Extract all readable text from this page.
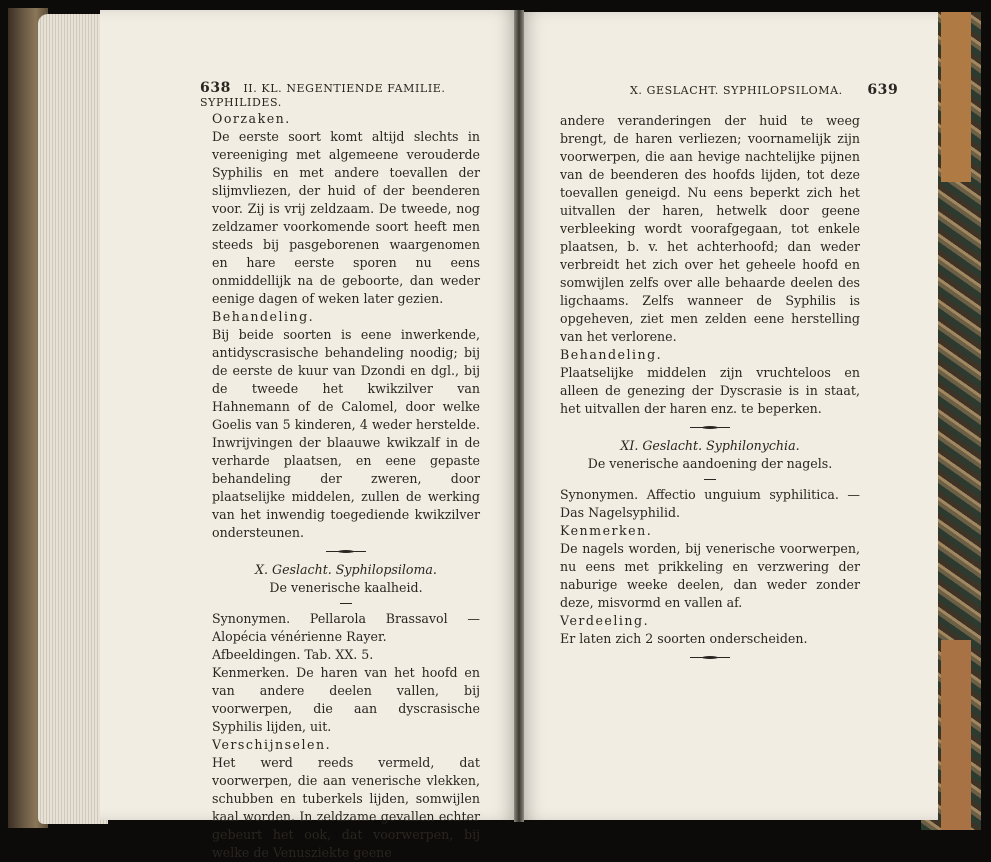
638 II. KL. NEGENTIENDE FAMILIE. SYPHILIDES.

Oorzaken.

De eerste soort komt altijd slechts in vereeniging met algemeene verouderde Syphilis en met andere toevallen der slijmvliezen, der huid of der beenderen voor. Zij is vrij zeldzaam. De tweede, nog zeldzamer voorkomende soort heeft men steeds bij pasgeborenen waargenomen en hare eerste sporen nu eens onmiddellijk na de geboorte, dan weder eenige dagen of weken later gezien.

Behandeling.

Bij beide soorten is eene inwerkende, antidyscrasische behandeling noodig; bij de eerste de kuur van Dzondi en dgl., bij de tweede het kwikzilver van Hahnemann of de Calomel, door welke Goelis van 5 kinderen, 4 weder herstelde. Inwrijvingen der blaauwe kwikzalf in de verharde plaatsen, en eene gepaste behandeling der zweren, door plaatselijke middelen, zullen de werking van het inwendig toegediende kwikzilver ondersteunen.

X. Geslacht. Syphilopsiloma.

De venerische kaalheid.

Synonymen. Pellarola Brassavol — Alopécia vénérienne Rayer.

Afbeeldingen. Tab. XX. 5.

Kenmerken. De haren van het hoofd en van andere deelen vallen, bij voorwerpen, die aan dyscrasische Syphilis lijden, uit.

Verschijnselen.

Het werd reeds vermeld, dat voorwerpen, die aan venerische vlekken, schubben en tuberkels lijden, somwijlen kaal worden. In zeldzame gevallen echter gebeurt het ook, dat voorwerpen, bij welke de Venusziekte geene

X. GESLACHT. SYPHILOPSILOMA. 639

andere veranderingen der huid te weeg brengt, de haren verliezen; voornamelijk zijn voorwerpen, die aan hevige nachtelijke pijnen van de beenderen des hoofds lijden, tot deze toevallen geneigd. Nu eens beperkt zich het uitvallen der haren, hetwelk door geene verbleeking wordt voorafgegaan, tot enkele plaatsen, b. v. het achterhoofd; dan weder verbreidt het zich over het geheele hoofd en somwijlen zelfs over alle behaarde deelen des ligchaams. Zelfs wanneer de Syphilis is opgeheven, ziet men zelden eene herstelling van het verlorene.

Behandeling.

Plaatselijke middelen zijn vruchteloos en alleen de genezing der Dyscrasie is in staat, het uitvallen der haren enz. te beperken.

XI. Geslacht. Syphilonychia.

De venerische aandoening der nagels.

Synonymen. Affectio unguium syphilitica. — Das Nagelsyphilid.

Kenmerken.

De nagels worden, bij venerische voorwerpen, nu eens met prikkeling en verzwering der naburige weeke deelen, dan weder zonder deze, misvormd en vallen af.

Verdeeling.

Er laten zich 2 soorten onderscheiden.
